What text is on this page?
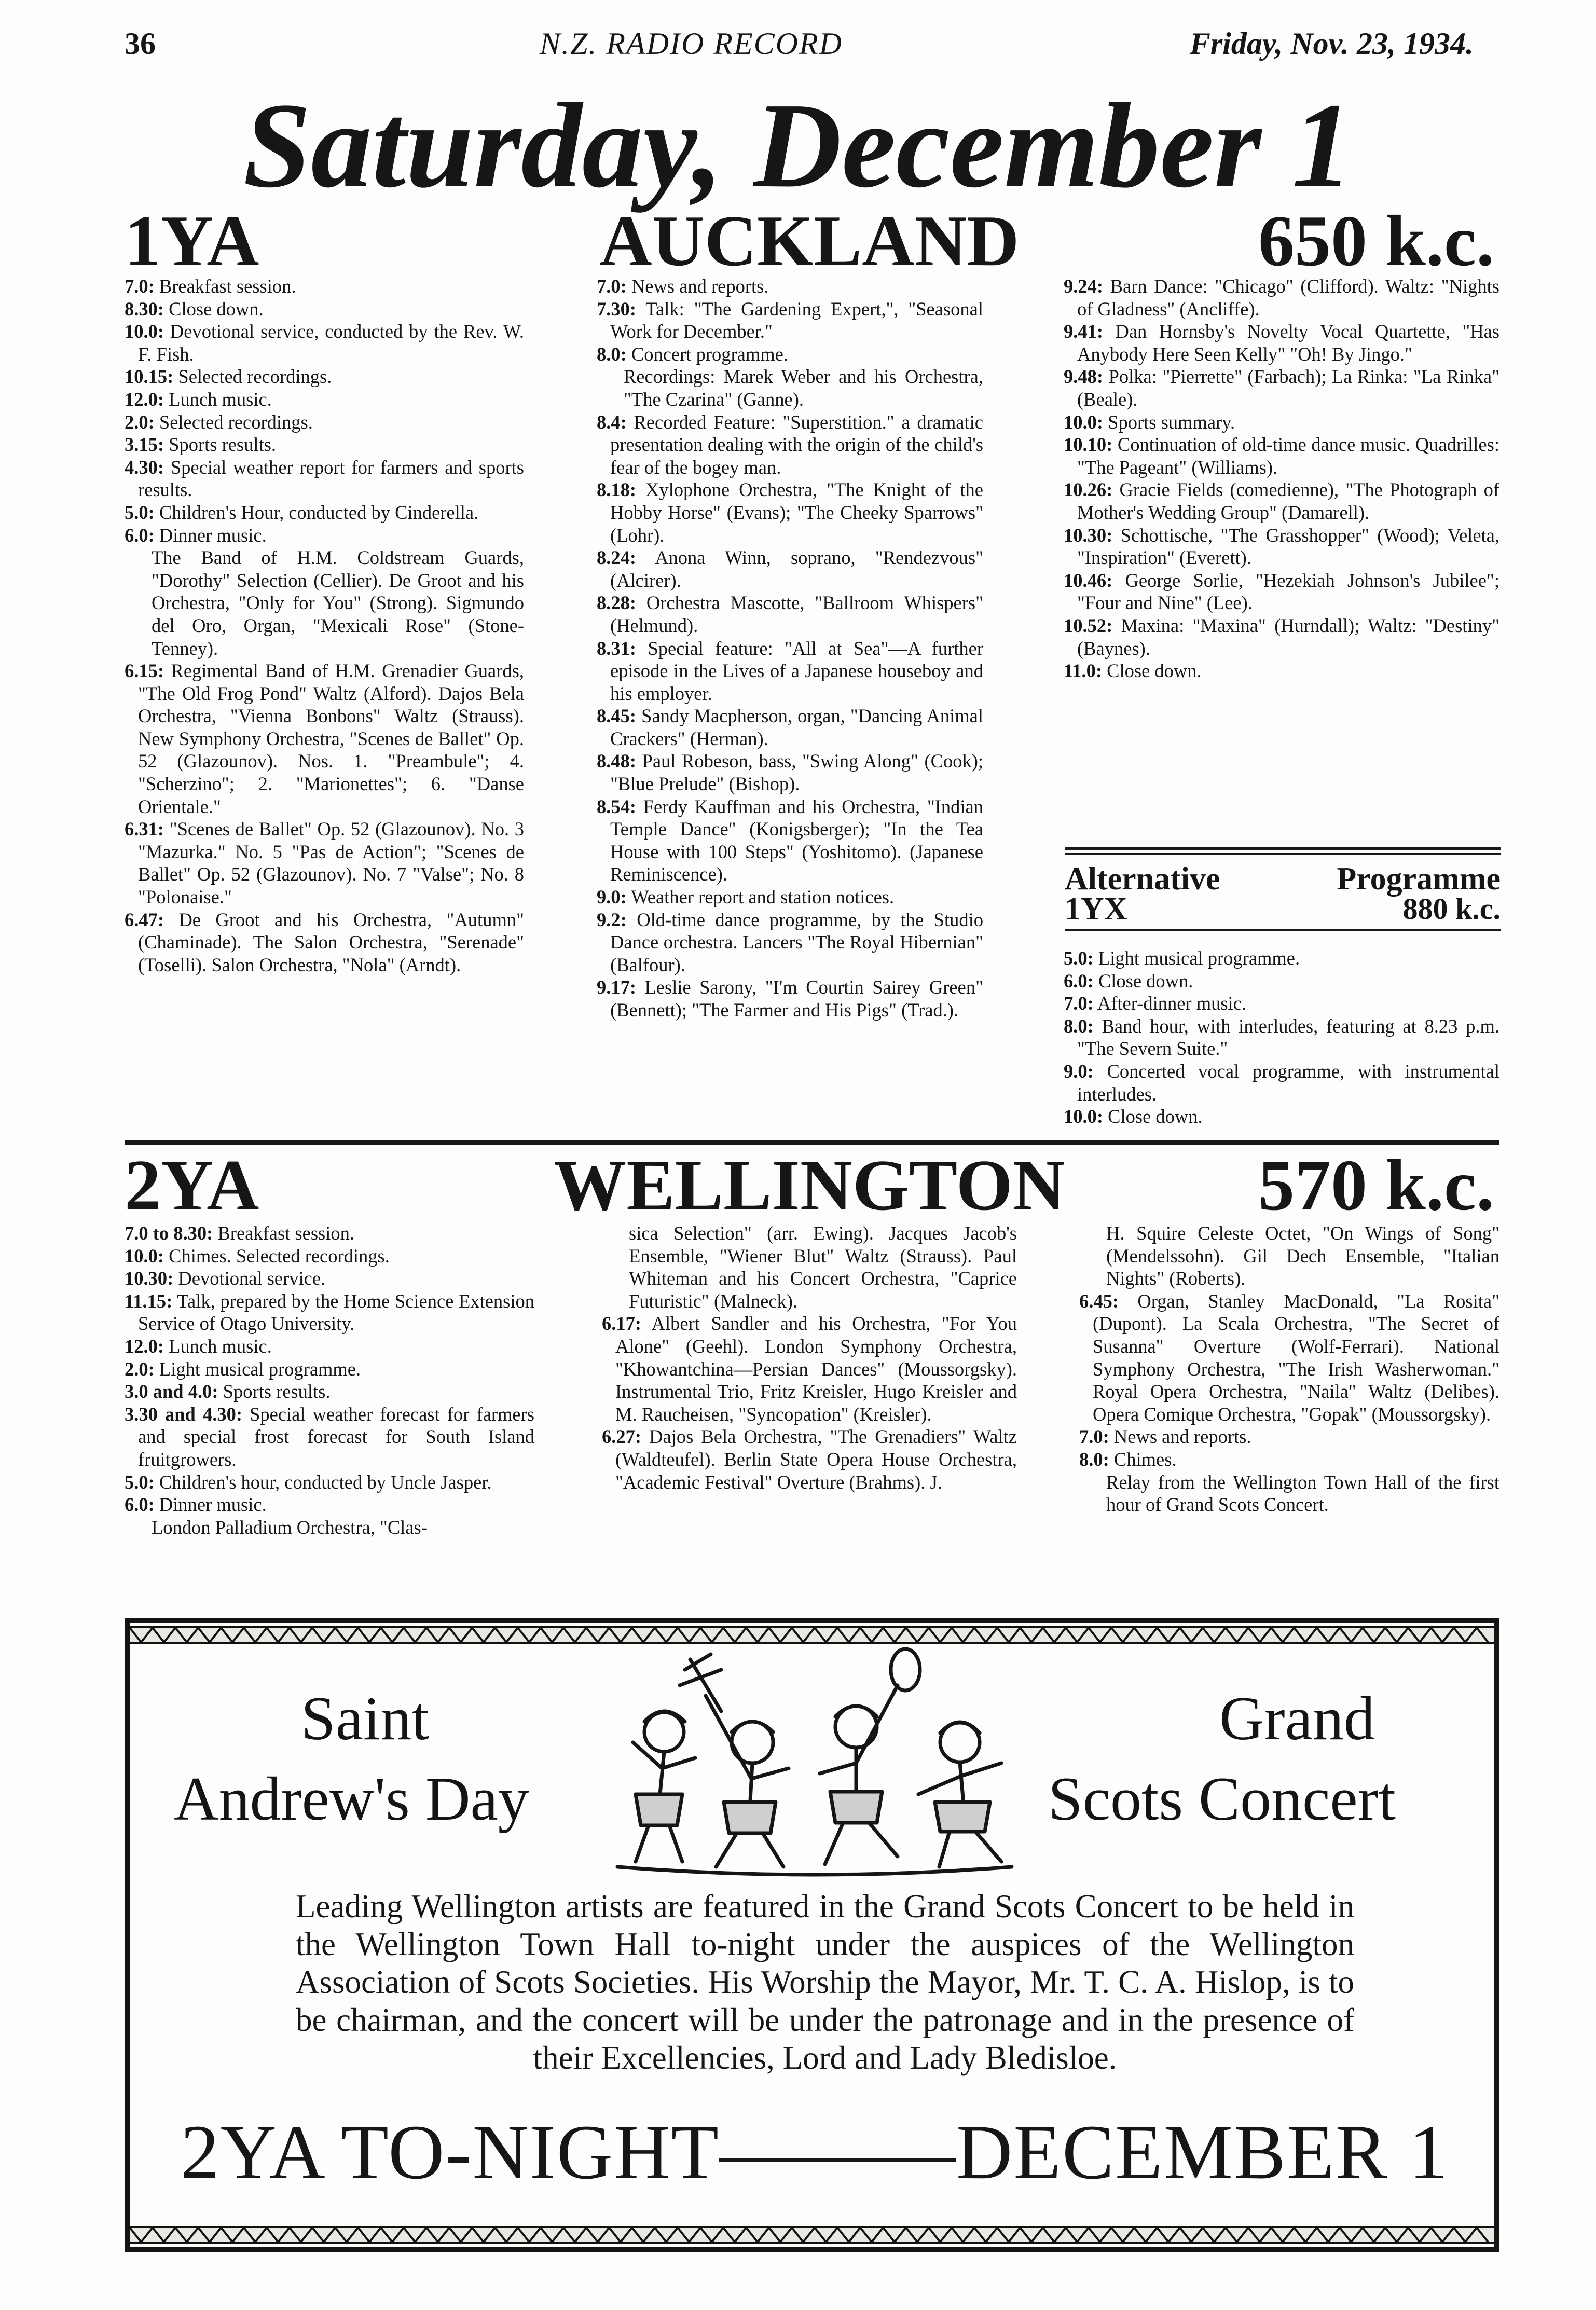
36	N.Z. RADIO RECORD	Friday, Nov. 23, 1934.
Saturday, December 1
1YA	AUCKLAND	650 k.c.

7.0: Breakfast session.

8.30: Close down.

10.0: Devotional service, conducted by the Rev. W. F. Fish.

10.15: Selected recordings.

12.0: Lunch music.

2.0: Selected recordings.

3.15: Sports results.

4.30: Special weather report for farmers and sports results.

5.0: Children's Hour, conducted by Cinderella.

6.0: Dinner music.

The Band of H.M. Coldstream Guards, "Dorothy" Selection (Cellier). De Groot and his Orchestra, "Only for You" (Strong). Sigmundo del Oro, Organ, "Mexicali Rose" (Stone-Tenney).

6.15: Regimental Band of H.M. Grenadier Guards, "The Old Frog Pond" Waltz (Alford). Dajos Bela Orchestra, "Vienna Bonbons" Waltz (Strauss). New Symphony Orchestra, "Scenes de Ballet" Op. 52 (Glazounov). Nos. 1. "Preambule"; 4. "Scherzino"; 2. "Marionettes"; 6. "Danse Orientale."

6.31: "Scenes de Ballet" Op. 52 (Glazounov). No. 3 "Mazurka." No. 5 "Pas de Action"; "Scenes de Ballet" Op. 52 (Glazounov). No. 7 "Valse"; No. 8 "Polonaise."

6.47: De Groot and his Orchestra, "Autumn" (Chaminade). The Salon Orchestra, "Serenade" (Toselli). Salon Orchestra, "Nola" (Arndt).

7.0: News and reports.

7.30: Talk: "The Gardening Expert,", "Seasonal Work for December."

8.0: Concert programme.

Recordings: Marek Weber and his Orchestra, "The Czarina" (Ganne).

8.4: Recorded Feature: "Superstition." a dramatic presentation dealing with the origin of the child's fear of the bogey man.

8.18: Xylophone Orchestra, "The Knight of the Hobby Horse" (Evans); "The Cheeky Sparrows" (Lohr).

8.24: Anona Winn, soprano, "Rendezvous" (Alcirer).

8.28: Orchestra Mascotte, "Ballroom Whispers" (Helmund).

8.31: Special feature: "All at Sea"—A further episode in the Lives of a Japanese houseboy and his employer.

8.45: Sandy Macpherson, organ, "Dancing Animal Crackers" (Herman).

8.48: Paul Robeson, bass, "Swing Along" (Cook); "Blue Prelude" (Bishop).

8.54: Ferdy Kauffman and his Orchestra, "Indian Temple Dance" (Konigsberger); "In the Tea House with 100 Steps" (Yoshitomo). (Japanese Reminiscence).

9.0: Weather report and station notices.

9.2: Old-time dance programme, by the Studio Dance orchestra. Lancers "The Royal Hibernian" (Balfour).

9.17: Leslie Sarony, "I'm Courtin Sairey Green" (Bennett); "The Farmer and His Pigs" (Trad.).

9.24: Barn Dance: "Chicago" (Clifford). Waltz: "Nights of Gladness" (Ancliffe).

9.41: Dan Hornsby's Novelty Vocal Quartette, "Has Anybody Here Seen Kelly" "Oh! By Jingo."

9.48: Polka: "Pierrette" (Farbach); La Rinka: "La Rinka" (Beale).

10.0: Sports summary.

10.10: Continuation of old-time dance music. Quadrilles: "The Pageant" (Williams).

10.26: Gracie Fields (comedienne), "The Photograph of Mother's Wedding Group" (Damarell).

10.30: Schottische, "The Grasshopper" (Wood); Veleta, "Inspiration" (Everett).

10.46: George Sorlie, "Hezekiah Johnson's Jubilee"; "Four and Nine" (Lee).

10.52: Maxina: "Maxina" (Hurndall); Waltz: "Destiny" (Baynes).

11.0: Close down.

Alternative	Programme
1YX	880 k.c.

5.0: Light musical programme.

6.0: Close down.

7.0: After-dinner music.

8.0: Band hour, with interludes, featuring at 8.23 p.m. "The Severn Suite."

9.0: Concerted vocal programme, with instrumental interludes.

10.0: Close down.

2YA	WELLINGTON	570 k.c.

7.0 to 8.30: Breakfast session.

10.0: Chimes. Selected recordings.

10.30: Devotional service.

11.15: Talk, prepared by the Home Science Extension Service of Otago University.

12.0: Lunch music.

2.0: Light musical programme.

3.0 and 4.0: Sports results.

3.30 and 4.30: Special weather forecast for farmers and special frost forecast for South Island fruitgrowers.

5.0: Children's hour, conducted by Uncle Jasper.

6.0: Dinner music.

London Palladium Orchestra, "Clas-

sica Selection" (arr. Ewing). Jacques Jacob's Ensemble, "Wiener Blut" Waltz (Strauss). Paul Whiteman and his Concert Orchestra, "Caprice Futuristic" (Malneck).

6.17: Albert Sandler and his Orchestra, "For You Alone" (Geehl). London Symphony Orchestra, "Khowantchina—Persian Dances" (Moussorgsky). Instrumental Trio, Fritz Kreisler, Hugo Kreisler and M. Raucheisen, "Syncopation" (Kreisler).

6.27: Dajos Bela Orchestra, "The Grenadiers" Waltz (Waldteufel). Berlin State Opera House Orchestra, "Academic Festival" Overture (Brahms). J.

H. Squire Celeste Octet, "On Wings of Song" (Mendelssohn). Gil Dech Ensemble, "Italian Nights" (Roberts).

6.45: Organ, Stanley MacDonald, "La Rosita" (Dupont). La Scala Orchestra, "The Secret of Susanna" Overture (Wolf-Ferrari). National Symphony Orchestra, "The Irish Washerwoman." Royal Opera Orchestra, "Naila" Waltz (Delibes). Opera Comique Orchestra, "Gopak" (Moussorgsky).

7.0: News and reports.

8.0: Chimes.

Relay from the Wellington Town Hall of the first hour of Grand Scots Concert.

Saint
Andrew's Day
Grand
Scots Concert
Leading Wellington artists are featured in the Grand Scots Concert to be held in the Wellington Town Hall to-night under the auspices of the Wellington Association of Scots Societies. His Worship the Mayor, Mr. T. C. A. Hislop, is to be chairman, and the concert will be under the patronage and in the presence of their Excellencies, Lord and Lady Bledisloe.
2YA TO-NIGHT———DECEMBER 1
